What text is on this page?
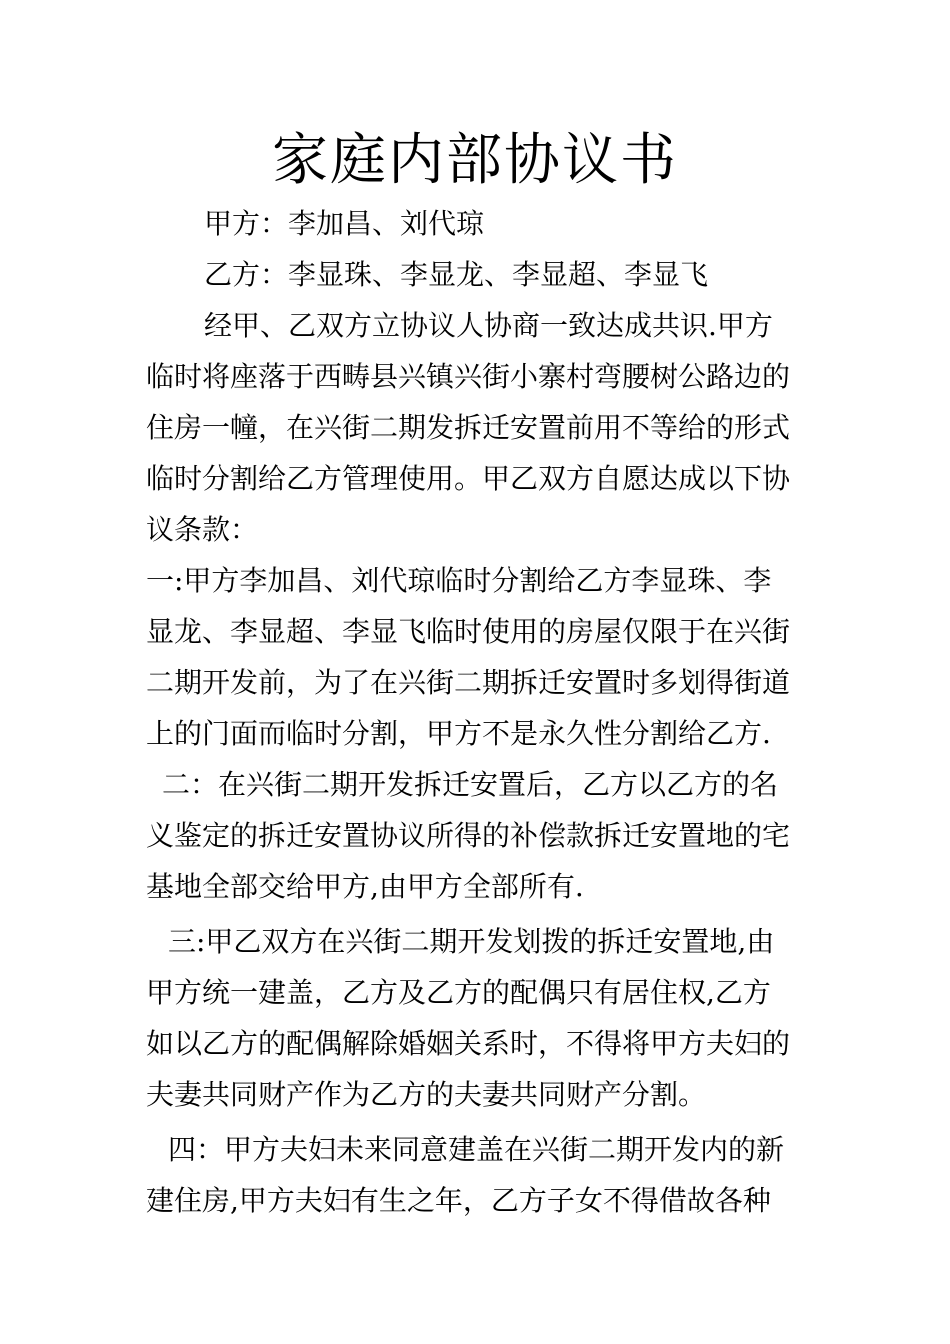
家庭内部协议书
甲方：李加昌、刘代琼
乙方：李显珠、李显龙、李显超、李显飞
经甲、乙双方立协议人协商一致达成共识.甲方
临时将座落于西畴县兴镇兴街小寨村弯腰树公路边的
住房一幢，在兴街二期发拆迁安置前用不等给的形式
临时分割给乙方管理使用。甲乙双方自愿达成以下协
议条款：
一:甲方李加昌、刘代琼临时分割给乙方李显珠、李
显龙、李显超、李显飞临时使用的房屋仅限于在兴街
二期开发前，为了在兴街二期拆迁安置时多划得街道
上的门面而临时分割，甲方不是永久性分割给乙方.
二：在兴街二期开发拆迁安置后，乙方以乙方的名
义鉴定的拆迁安置协议所得的补偿款拆迁安置地的宅
基地全部交给甲方,由甲方全部所有.
三:甲乙双方在兴街二期开发划拨的拆迁安置地,由
甲方统一建盖，乙方及乙方的配偶只有居住权,乙方
如以乙方的配偶解除婚姻关系时，不得将甲方夫妇的
夫妻共同财产作为乙方的夫妻共同财产分割。
四：甲方夫妇未来同意建盖在兴街二期开发内的新
建住房,甲方夫妇有生之年，乙方子女不得借故各种
